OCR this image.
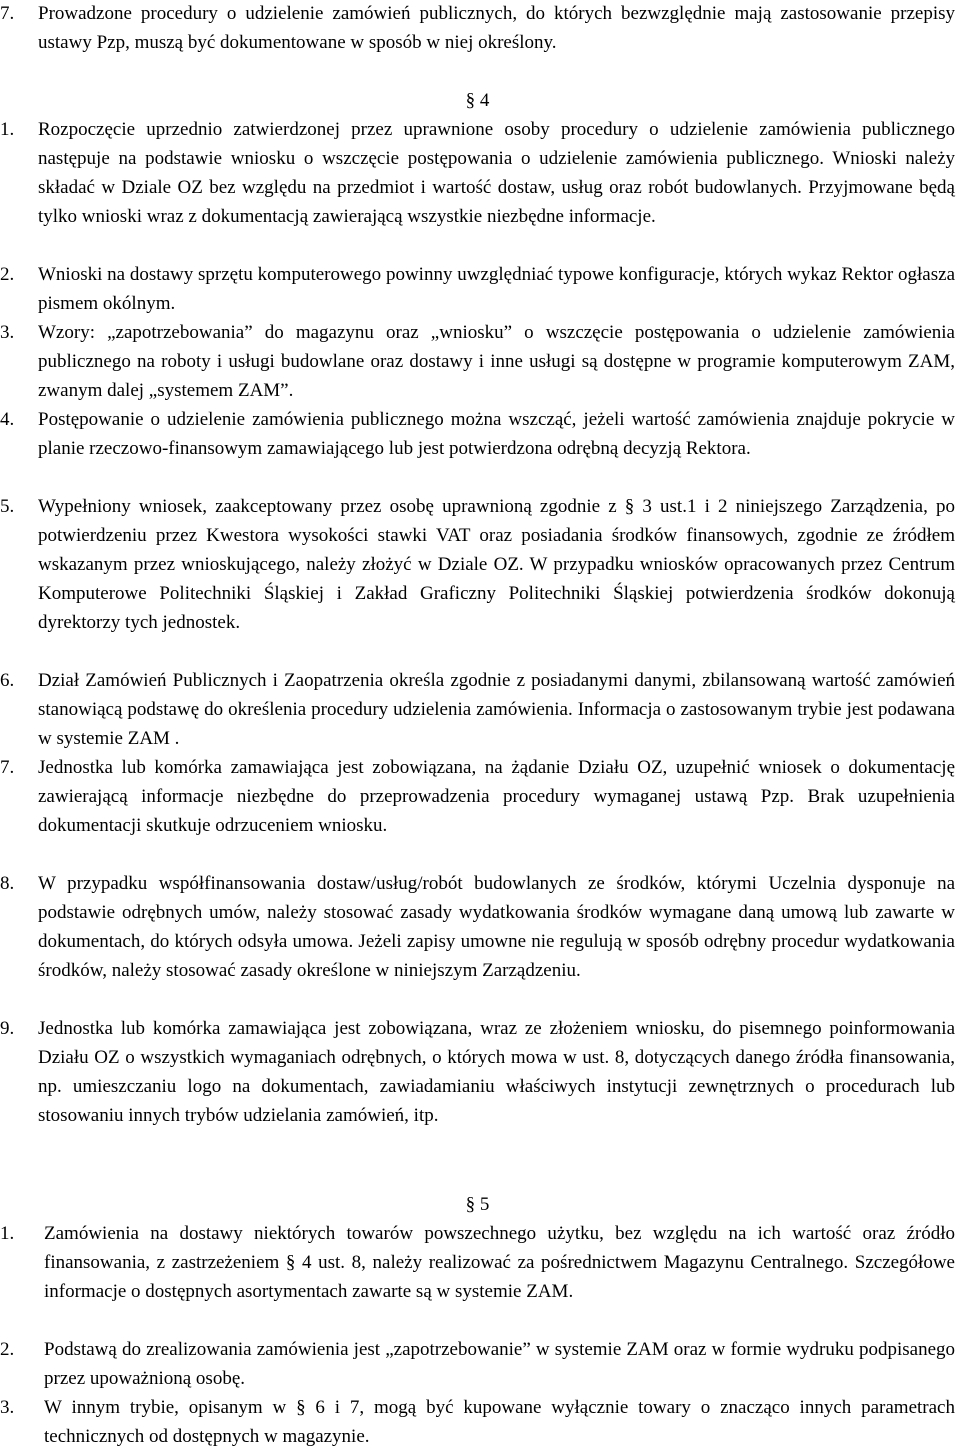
7.	Prowadzone procedury o udzielenie zamówień publicznych, do których bezwzględnie mają zastosowanie przepisy ustawy Pzp, muszą być dokumentowane w sposób w niej określony.
§ 4
1.	Rozpoczęcie uprzednio zatwierdzonej przez uprawnione osoby procedury o udzielenie zamówienia publicznego następuje na podstawie wniosku o wszczęcie postępowania o udzielenie zamówienia publicznego. Wnioski należy składać w Dziale OZ bez względu na przedmiot i wartość dostaw, usług oraz robót budowlanych. Przyjmowane będą tylko wnioski wraz z dokumentacją zawierającą wszystkie niezbędne informacje.
2.	Wnioski na dostawy sprzętu komputerowego powinny uwzględniać typowe konfiguracje, których wykaz Rektor ogłasza pismem okólnym.
3.	Wzory: „zapotrzebowania” do magazynu oraz „wniosku” o wszczęcie postępowania o udzielenie zamówienia publicznego na roboty i usługi budowlane oraz dostawy i inne usługi są dostępne w programie komputerowym ZAM, zwanym dalej „systemem ZAM”.
4.	Postępowanie o udzielenie zamówienia publicznego można wszcząć, jeżeli wartość zamówienia znajduje pokrycie w planie rzeczowo-finansowym zamawiającego lub jest potwierdzona odrębną decyzją Rektora.
5.	Wypełniony wniosek, zaakceptowany przez osobę uprawnioną zgodnie z § 3 ust.1 i 2 niniejszego Zarządzenia, po potwierdzeniu przez Kwestora wysokości stawki VAT oraz posiadania środków finansowych, zgodnie ze źródłem wskazanym przez wnioskującego, należy złożyć w Dziale OZ. W przypadku wniosków opracowanych przez Centrum Komputerowe Politechniki Śląskiej i Zakład Graficzny Politechniki Śląskiej potwierdzenia środków dokonują dyrektorzy tych jednostek.
6.	Dział Zamówień Publicznych i Zaopatrzenia określa zgodnie z posiadanymi danymi, zbilansowaną wartość zamówień stanowiącą podstawę do określenia procedury udzielenia zamówienia. Informacja o zastosowanym trybie jest podawana w systemie ZAM .
7.	Jednostka lub komórka zamawiająca jest zobowiązana, na żądanie Działu OZ, uzupełnić wniosek o dokumentację zawierającą informacje niezbędne do przeprowadzenia procedury wymaganej ustawą Pzp. Brak uzupełnienia dokumentacji skutkuje odrzuceniem wniosku.
8.	W przypadku współfinansowania dostaw/usług/robót budowlanych ze środków, którymi Uczelnia dysponuje na podstawie odrębnych umów, należy stosować zasady wydatkowania środków wymagane daną umową lub zawarte w dokumentach, do których odsyła umowa. Jeżeli zapisy umowne nie regulują w sposób odrębny procedur wydatkowania środków, należy stosować zasady określone w niniejszym Zarządzeniu.
9.	Jednostka lub komórka zamawiająca jest zobowiązana, wraz ze złożeniem wniosku, do pisemnego poinformowania Działu OZ o wszystkich wymaganiach odrębnych, o których mowa w ust. 8, dotyczących danego źródła finansowania, np. umieszczaniu logo na dokumentach, zawiadamianiu właściwych instytucji zewnętrznych o procedurach lub stosowaniu innych trybów udzielania zamówień, itp.
§ 5
1.	Zamówienia na dostawy niektórych towarów powszechnego użytku, bez względu na ich wartość oraz źródło finansowania, z zastrzeżeniem § 4 ust. 8, należy realizować za pośrednictwem Magazynu Centralnego. Szczegółowe informacje o dostępnych asortymentach zawarte są w systemie ZAM.
2.	Podstawą do zrealizowania zamówienia jest „zapotrzebowanie” w systemie ZAM oraz w formie wydruku podpisanego przez upoważnioną osobę.
3.	W innym trybie, opisanym w § 6 i 7, mogą być kupowane wyłącznie towary o znacząco innych parametrach technicznych od dostępnych w magazynie.
